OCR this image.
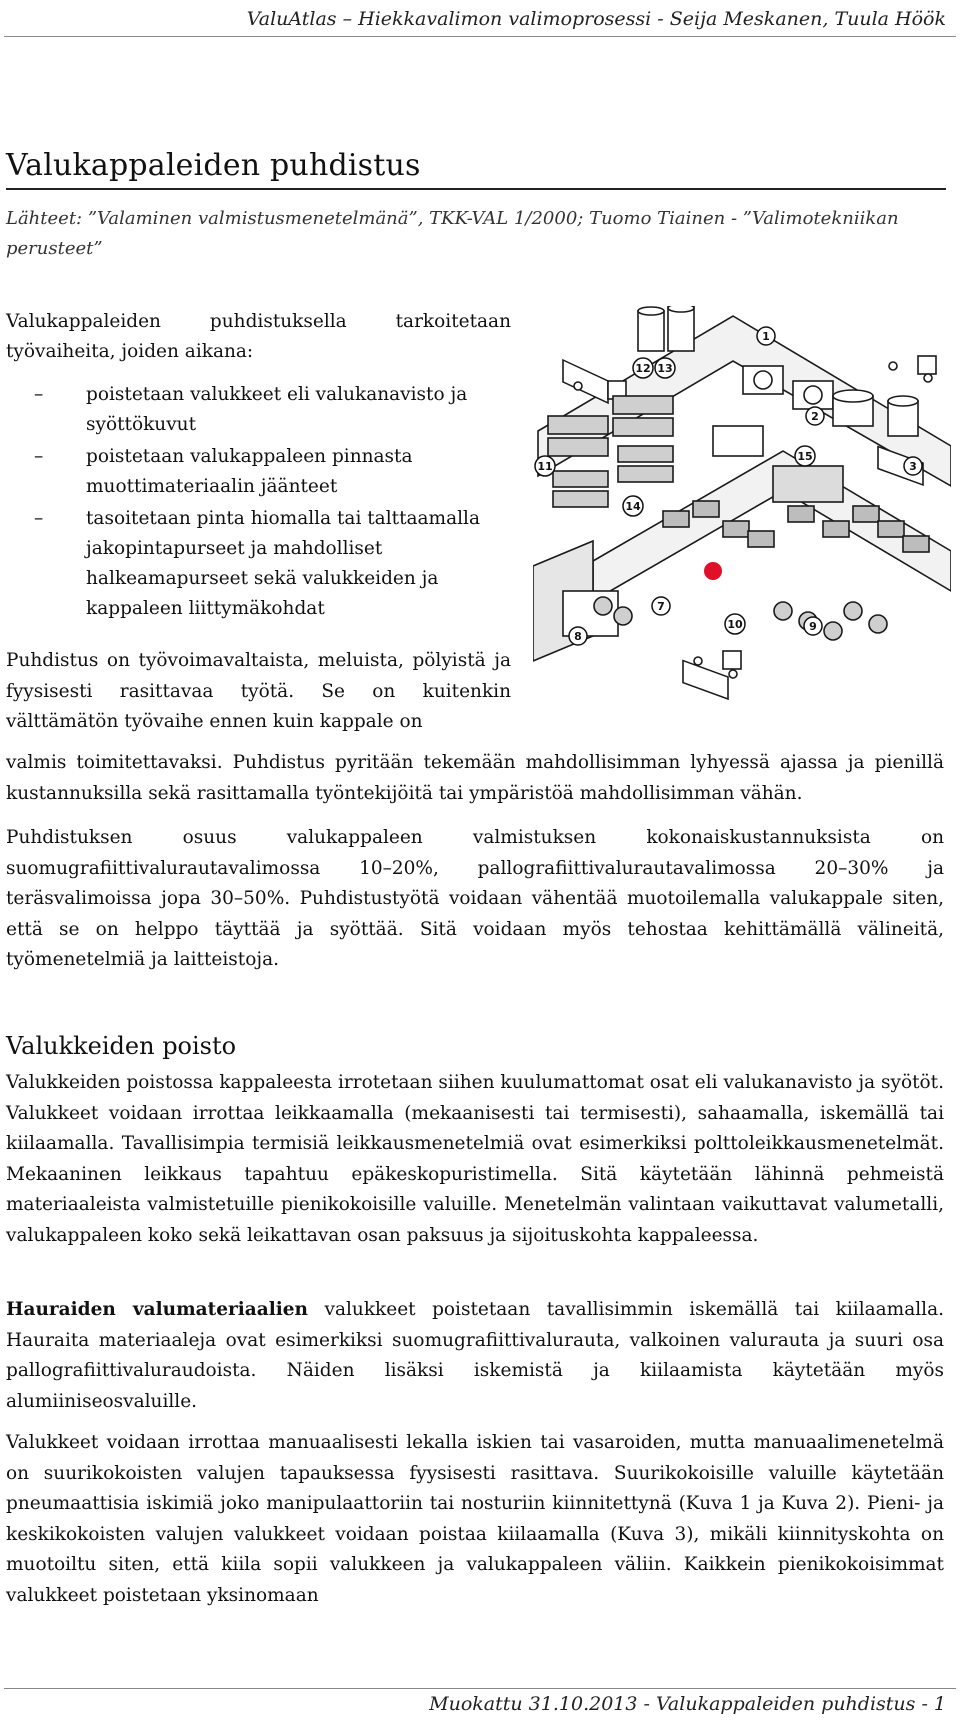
ValuAtlas – Hiekkavalimon valimoprosessi - Seija Meskanen, Tuula Höök
Valukappaleiden puhdistus
Lähteet: ”Valaminen valmistusmenetelmänä”, TKK-VAL 1/2000; Tuomo Tiainen - ”Valimotekniikan perusteet”
Valukappaleiden puhdistuksella tarkoitetaan työvaiheita, joiden aikana:
– poistetaan valukkeet eli valukanavisto ja syöttökuvut
– poistetaan valukappaleen pinnasta muottimateriaalin jäänteet
– tasoitetaan pinta hiomalla tai talttaamalla jakopintapurseet ja mahdolliset halkeamapurseet sekä valukkeiden ja kappaleen liittymäkohdat
1
2
3
7
8
9
10
11
12 13
14
15

Puhdistus on työvoimavaltaista, meluista, pölyistä ja fyysisesti rasittavaa työtä. Se on kuitenkin välttämätön työvaihe ennen kuin kappale on

valmis toimitettavaksi. Puhdistus pyritään tekemään mahdollisimman lyhyessä ajassa ja pienillä kustannuksilla sekä rasittamalla työntekijöitä tai ympäristöä mahdollisimman vähän.

Puhdistuksen osuus valukappaleen valmistuksen kokonaiskustannuksista on suomugrafiittivalurautavalimossa 10–20%, pallografiittivalurautavalimossa 20–30% ja teräsvalimoissa jopa 30–50%. Puhdistustyötä voidaan vähentää muotoilemalla valukappale siten, että se on helppo täyttää ja syöttää. Sitä voidaan myös tehostaa kehittämällä välineitä, työmenetelmiä ja laitteistoja.

Valukkeiden poisto

Valukkeiden poistossa kappaleesta irrotetaan siihen kuulumattomat osat eli valukanavisto ja syötöt. Valukkeet voidaan irrottaa leikkaamalla (mekaanisesti tai termisesti), sahaamalla, iskemällä tai kiilaamalla. Tavallisimpia termisiä leikkausmenetelmiä ovat esimerkiksi polttoleikkausmenetelmät. Mekaaninen leikkaus tapahtuu epäkeskopuristimella. Sitä käytetään lähinnä pehmeistä materiaaleista valmistetuille pienikokoisille valuille. Menetelmän valintaan vaikuttavat valumetalli, valukappaleen koko sekä leikattavan osan paksuus ja sijoituskohta kappaleessa.

Hauraiden valumateriaalien valukkeet poistetaan tavallisimmin iskemällä tai kiilaamalla. Hauraita materiaaleja ovat esimerkiksi suomugrafiittivalurauta, valkoinen valurauta ja suuri osa pallografiittivaluraudoista. Näiden lisäksi iskemistä ja kiilaamista käytetään myös alumiiniseosvaluille.

Valukkeet voidaan irrottaa manuaalisesti lekalla iskien tai vasaroiden, mutta manuaalimenetelmä on suurikokoisten valujen tapauksessa fyysisesti rasittava. Suurikokoisille valuille käytetään pneumaattisia iskimiä joko manipulaattoriin tai nosturiin kiinnitettynä (Kuva 1 ja Kuva 2). Pieni- ja keskikokoisten valujen valukkeet voidaan poistaa kiilaamalla (Kuva 3), mikäli kiinnityskohta on muotoiltu siten, että kiila sopii valukkeen ja valukappaleen väliin. Kaikkein pienikokoisimmat valukkeet poistetaan yksinomaan

Muokattu 31.10.2013 - Valukappaleiden puhdistus - 1
